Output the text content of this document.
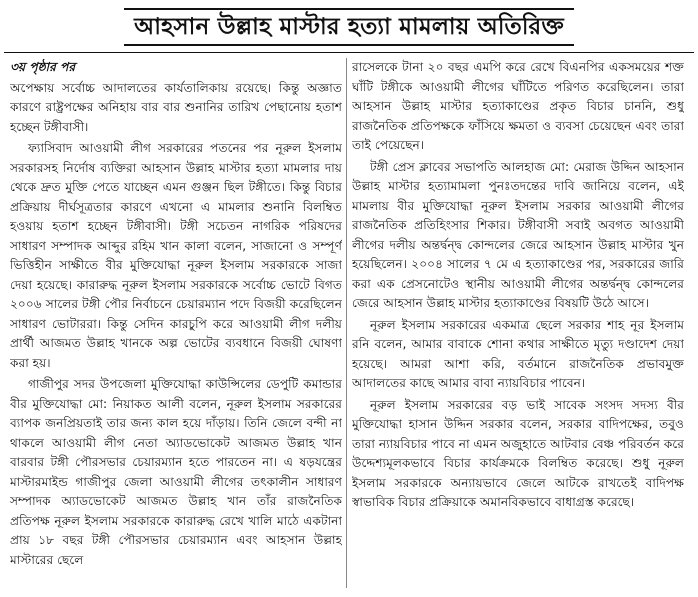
আহসান উল্লাহ মাস্টার হত্যা মামলায় অতিরিক্ত
৩য় পৃষ্ঠার পর

অপেক্ষায় সর্বোচ্চ আদালতের কার্যতালিকায় রয়েছে। কিন্তু অজ্ঞাত কারণে রাষ্ট্রপক্ষের অনিহায় বার বার শুনানির তারিখ পেছানোয় হতাশ হচ্ছেন টঙ্গীবাসী।

ফ্যাসিবাদ আওয়ামী লীগ সরকারের পতনের পর নূরুল ইসলাম সরকারসহ নির্দোষ ব্যক্তিরা আহসান উল্লাহ মাস্টার হত্যা মামলার দায় থেকে দ্রুত মুক্তি পেতে যাচ্ছেন এমন গুঞ্জন ছিল টঙ্গীতে। কিন্তু বিচার প্রক্রিয়ায় দীর্ঘসূত্রতার কারণে এখনো এ মামলার শুনানি বিলম্বিত হওয়ায় হতাশ হচ্ছেন টঙ্গীবাসী। টঙ্গী সচেতন নাগরিক পরিষদের সাধারণ সম্পাদক আব্দুর রহিম খান কালা বলেন, সাজানো ও সম্পূর্ণ ভিত্তিহীন সাক্ষীতে বীর মুক্তিযোদ্ধা নূরুল ইসলাম সরকারকে সাজা দেয়া হয়েছে। কারারুদ্ধ নূরুল ইসলাম সরকারকে সর্বোচ্চ ভোটে বিগত ২০০৬ সালের টঙ্গী পৌর নির্বাচনে চেয়ারম্যান পদে বিজয়ী করেছিলেন সাধারণ ভোটাররা। কিন্তু সেদিন কারচুপি করে আওয়ামী লীগ দলীয় প্রার্থী আজমত উল্লাহ খানকে অল্প ভোটের ব্যবধানে বিজয়ী ঘোষণা করা হয়।

গাজীপুর সদর উপজেলা মুক্তিযোদ্ধা কাউন্সিলের ডেপুটি কমান্ডার বীর মুক্তিযোদ্ধা মো: নিয়াকত আলী বলেন, নূরুল ইসলাম সরকারের ব্যাপক জনপ্রিয়তাই তার জন্য কাল হয়ে দাঁড়ায়। তিনি জেলে বন্দী না থাকলে আওয়ামী লীগ নেতা অ্যাডভোকেট আজমত উল্লাহ খান বারবার টঙ্গী পৌরসভার চেয়ারম্যান হতে পারতেন না। এ ষড়যন্ত্রের মাস্টারমাইন্ড গাজীপুর জেলা আওয়ামী লীগের তৎকালীন সাধারণ সম্পাদক অ্যাডভোকেট আজমত উল্লাহ খান তাঁর রাজনৈতিক প্রতিপক্ষ নূরুল ইসলাম সরকারকে কারারুদ্ধ রেখে খালি মাঠে একটানা প্রায় ১৮ বছর টঙ্গী পৌরসভার চেয়ারম্যান এবং আহসান উল্লাহ মাস্টারের ছেলে

রাসেলকে টানা ২০ বছর এমপি করে রেখে বিএনপির একসময়ের শক্ত ঘাঁটি টঙ্গীকে আওয়ামী লীগের ঘাঁটিতে পরিণত করেছিলেন। তারা আহসান উল্লাহ মাস্টার হত্যাকাণ্ডের প্রকৃত বিচার চাননি, শুধু রাজনৈতিক প্রতিপক্ষকে ফাঁসিয়ে ক্ষমতা ও ব্যবসা চেয়েছেন এবং তারা তাই পেয়েছেন।

টঙ্গী প্রেস ক্লাবের সভাপতি আলহাজ মো: মেরাজ উদ্দিন আহসান উল্লাহ মাস্টার হত্যামামলা পুনঃতদন্তের দাবি জানিয়ে বলেন, এই মামলায় বীর মুক্তিযোদ্ধা নূরুল ইসলাম সরকার আওয়ামী লীগের রাজনৈতিক প্রতিহিংসার শিকার। টঙ্গীবাসী সবাই অবগত আওয়ামী লীগের দলীয় অন্তর্দ্বন্দ্ব কোন্দলের জেরে আহসান উল্লাহ মাস্টার খুন হয়েছিলেন। ২০০৪ সালের ৭ মে এ হত্যাকাণ্ডের পর, সরকারের জারি করা এক প্রেসনোটেও স্থানীয় আওয়ামী লীগের অন্তর্দ্বন্দ্ব কোন্দলের জেরে আহসান উল্লাহ মাস্টার হত্যাকাণ্ডের বিষয়টি উঠে আসে।

নূরুল ইসলাম সরকারের একমাত্র ছেলে সরকার শাহ নূর ইসলাম রনি বলেন, আমার বাবাকে শোনা কথার সাক্ষীতে মৃত্যু দণ্ডাদেশ দেয়া হয়েছে। আমরা আশা করি, বর্তমানে রাজনৈতিক প্রভাবমুক্ত আদালতের কাছে আমার বাবা ন্যায়বিচার পাবেন।

নূরুল ইসলাম সরকারের বড় ভাই সাবেক সংসদ সদস্য বীর মুক্তিযোদ্ধা হাসান উদ্দিন সরকার বলেন, সরকার বাদিপক্ষের, তবুও তারা ন্যায়বিচার পাবে না এমন অজুহাতে আটবার বেঞ্চ পরিবর্তন করে উদ্দেশ্যমূলকভাবে বিচার কার্যক্রমকে বিলম্বিত করেছে। শুধু নূরুল ইসলাম সরকারকে অন্যায়ভাবে জেলে আটকে রাখতেই বাদিপক্ষ স্বাভাবিক বিচার প্রক্রিয়াকে অমানবিকভাবে বাধাগ্রস্ত করেছে।
